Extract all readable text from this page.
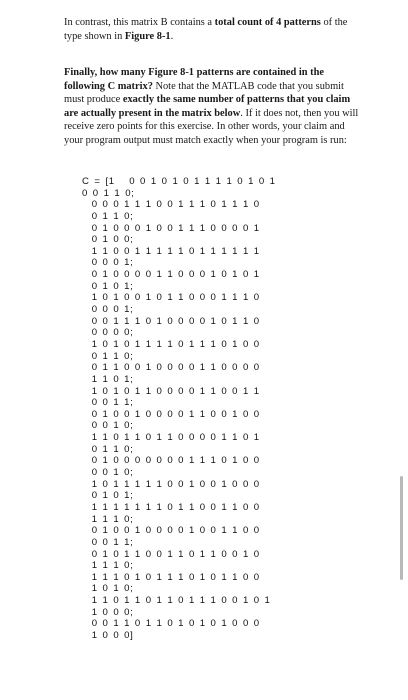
In contrast, this matrix B contains a total count of 4 patterns of the type shown in Figure 8-1.

Finally, how many Figure 8-1 patterns are contained in the following C matrix? Note that the MATLAB code that you submit must produce exactly the same number of patterns that you claim are actually present in the matrix below. If it does not, then you will receive zero points for this exercise. In other words, your claim and your program output must match exactly when your program is run:

C = [1   0 0 1 0 1 0 1 1 1 1 0 1 0 1
0 0 1 1 0;
0 0 0 1 1 1 0 0 1 1 1 0 1 1 1 0
0 1 1 0;
0 1 0 0 0 1 0 0 1 1 1 0 0 0 0 1
0 1 0 0;
1 1 0 0 1 1 1 1 1 0 1 1 1 1 1 1
0 0 0 1;
0 1 0 0 0 0 1 1 0 0 0 1 0 1 0 1
0 1 0 1;
1 0 1 0 0 1 0 1 1 0 0 0 1 1 1 0
0 0 0 1;
0 0 1 1 1 0 1 0 0 0 0 1 0 1 1 0
0 0 0 0;
1 0 1 0 1 1 1 1 0 1 1 1 0 1 0 0
0 1 1 0;
0 1 1 0 0 1 0 0 0 0 1 1 0 0 0 0
1 1 0 1;
1 0 1 0 1 1 0 0 0 0 1 1 0 0 1 1
0 0 1 1;
0 1 0 0 1 0 0 0 0 1 1 0 0 1 0 0
0 0 1 0;
1 1 0 1 1 0 1 1 0 0 0 0 1 1 0 1
0 1 1 0;
0 1 0 0 0 0 0 0 0 1 1 1 0 1 0 0
0 0 1 0;
1 0 1 1 1 1 1 0 0 1 0 0 1 0 0 0
0 1 0 1;
1 1 1 1 1 1 1 0 1 1 0 0 1 1 0 0
1 1 1 0;
0 1 0 0 1 0 0 0 0 1 0 0 1 1 0 0
0 0 1 1;
0 1 0 1 1 0 0 1 1 0 1 1 0 0 1 0
1 1 1 0;
1 1 1 0 1 0 1 1 1 0 1 0 1 1 0 0
1 0 1 0;
1 1 0 1 1 0 1 1 0 1 1 1 0 0 1 0 1
1 0 0 0;
0 0 1 1 0 1 1 0 1 0 1 0 1 0 0 0
1 0 0 0]
